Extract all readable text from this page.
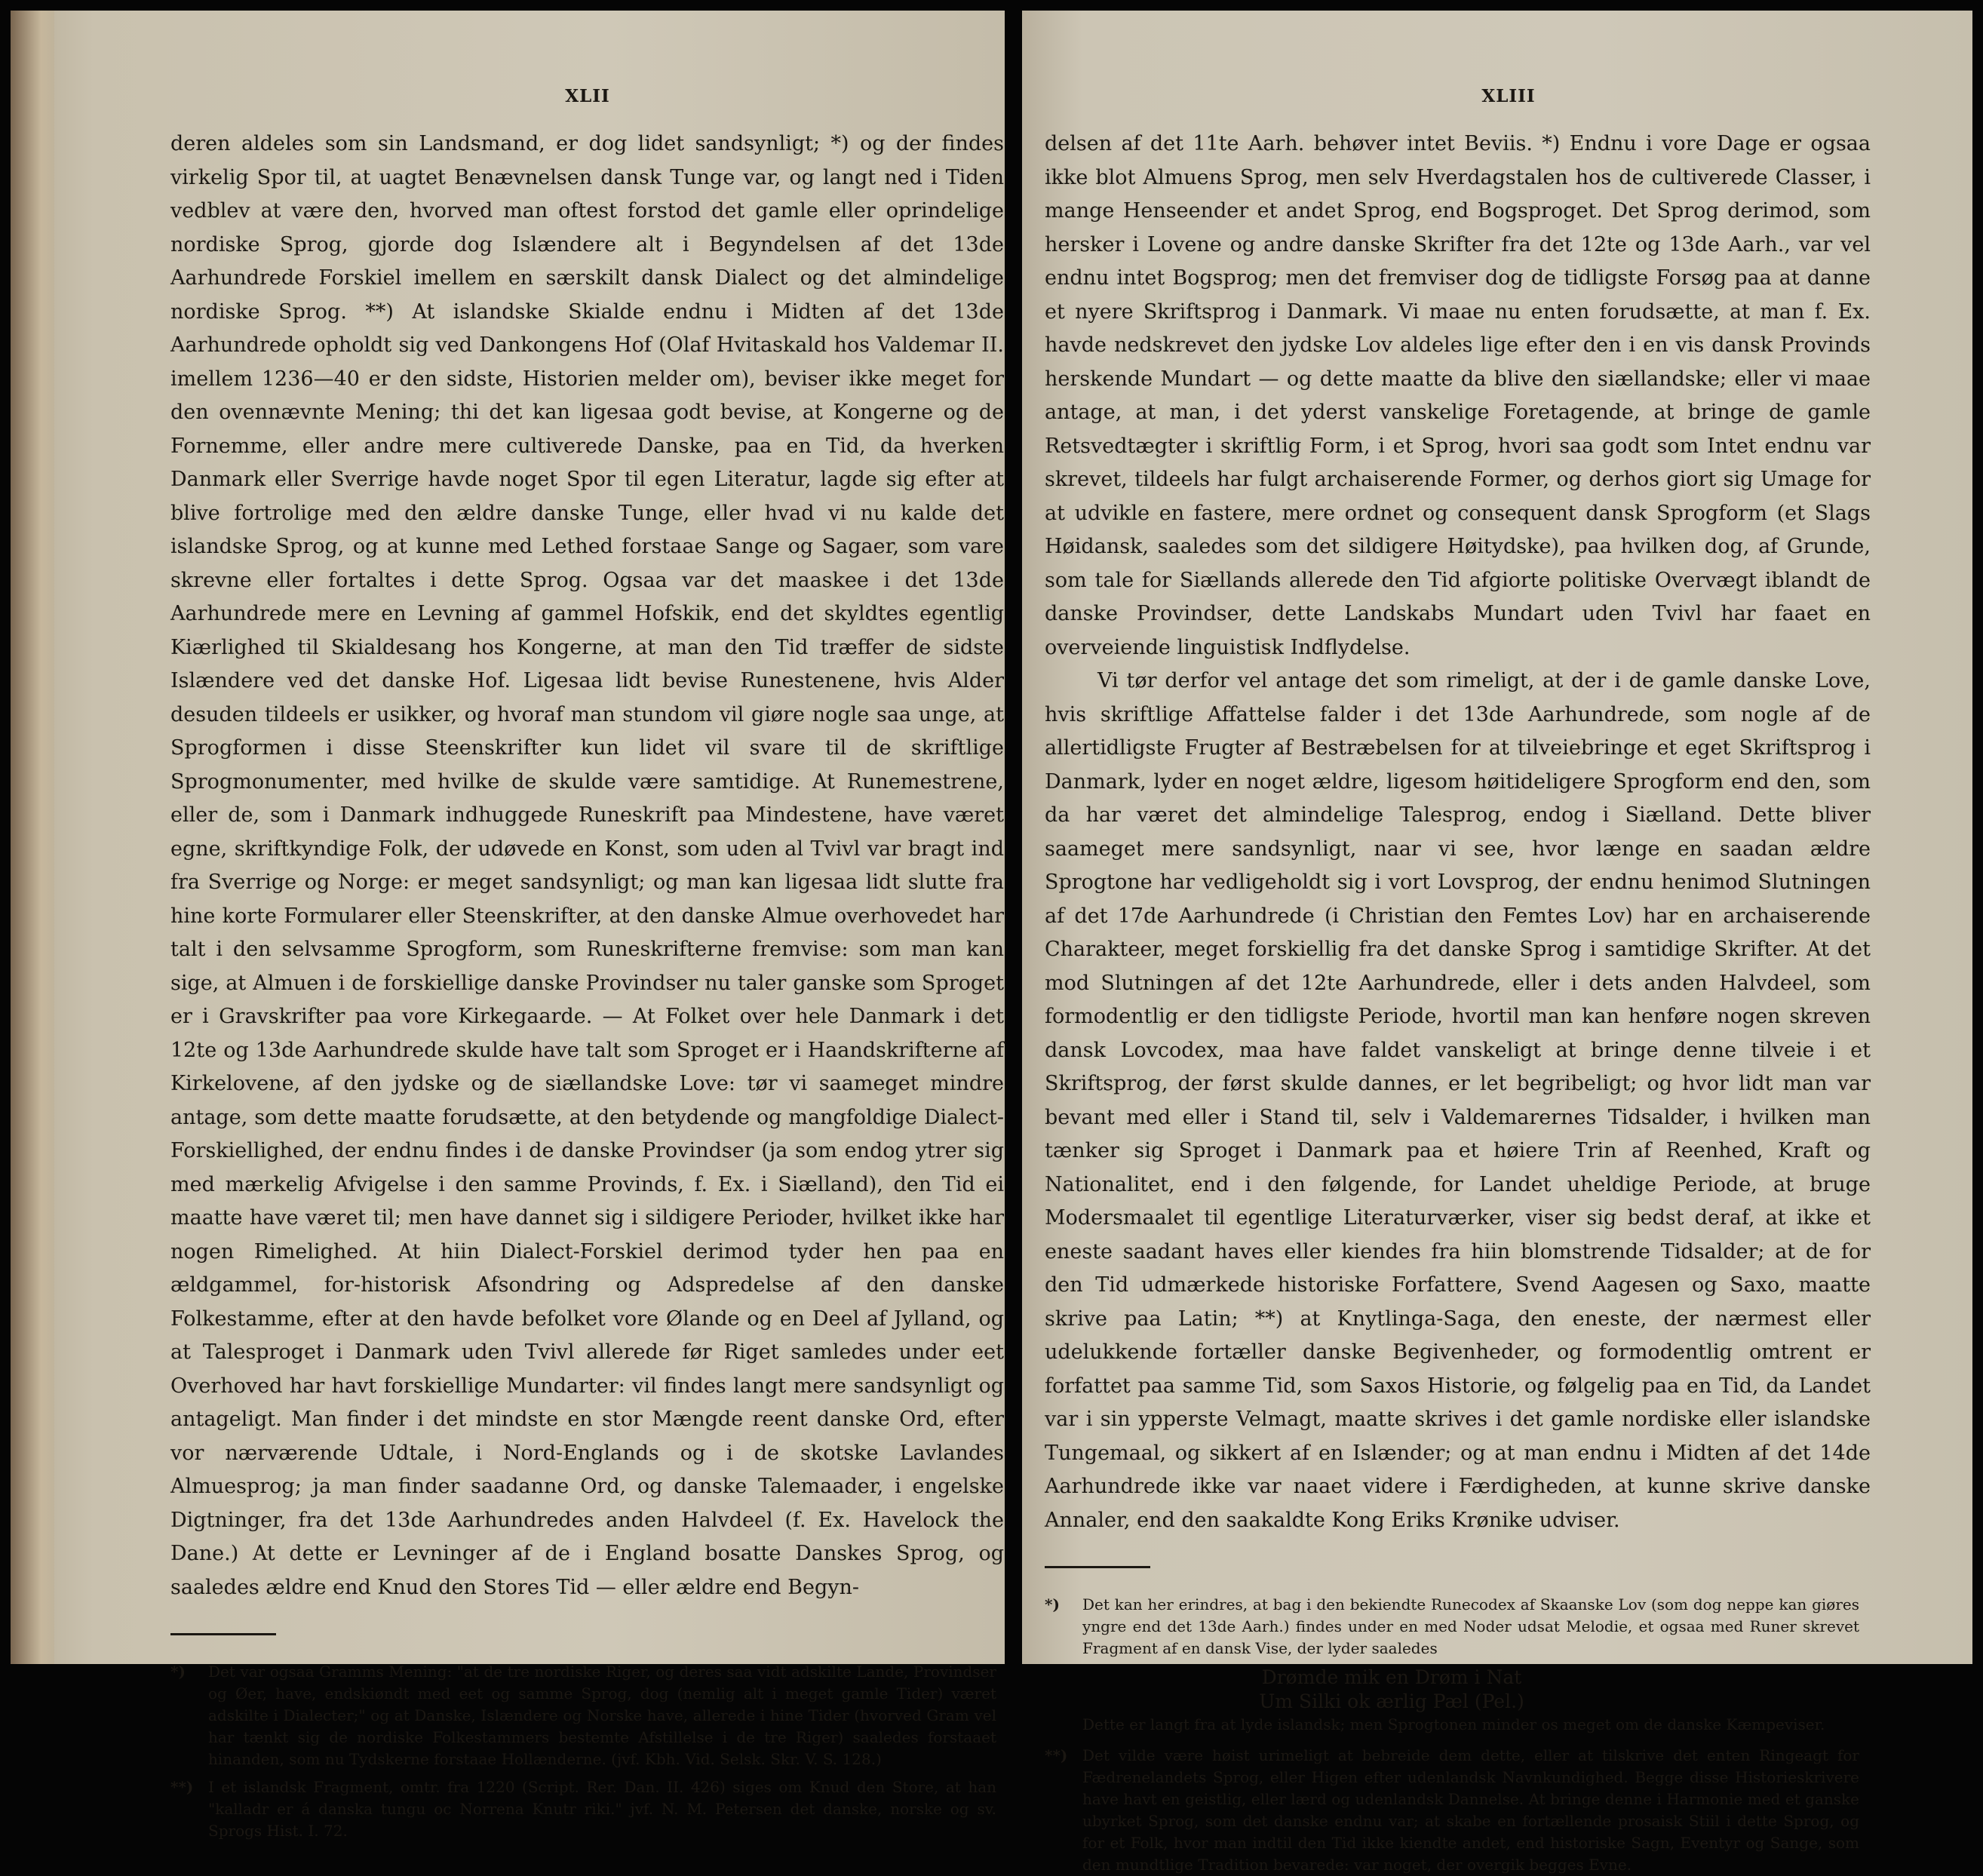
XLII

deren aldeles som sin Landsmand, er dog lidet sandsynligt; *) og der findes virkelig Spor til, at uagtet Benævnelsen dansk Tunge var, og langt ned i Tiden vedblev at være den, hvorved man oftest forstod det gamle eller oprindelige nordiske Sprog, gjorde dog Islændere alt i Begyndelsen af det 13de Aarhundrede Forskiel imellem en særskilt dansk Dialect og det almindelige nordiske Sprog. **) At islandske Skialde endnu i Midten af det 13de Aarhundrede opholdt sig ved Dankongens Hof (Olaf Hvitaskald hos Valdemar II. imellem 1236—40 er den sidste, Historien melder om), beviser ikke meget for den ovennævnte Mening; thi det kan ligesaa godt bevise, at Kongerne og de Fornemme, eller andre mere cultiverede Danske, paa en Tid, da hverken Danmark eller Sverrige havde noget Spor til egen Literatur, lagde sig efter at blive fortrolige med den ældre danske Tunge, eller hvad vi nu kalde det islandske Sprog, og at kunne med Lethed forstaae Sange og Sagaer, som vare skrevne eller fortaltes i dette Sprog. Ogsaa var det maaskee i det 13de Aarhundrede mere en Levning af gammel Hofskik, end det skyldtes egentlig Kiærlighed til Skialdesang hos Kongerne, at man den Tid træffer de sidste Islændere ved det danske Hof. Ligesaa lidt bevise Runestenene, hvis Alder desuden tildeels er usikker, og hvoraf man stundom vil giøre nogle saa unge, at Sprogformen i disse Steenskrifter kun lidet vil svare til de skriftlige Sprogmonumenter, med hvilke de skulde være samtidige. At Runemestrene, eller de, som i Danmark indhuggede Runeskrift paa Mindestene, have været egne, skriftkyndige Folk, der udøvede en Konst, som uden al Tvivl var bragt ind fra Sverrige og Norge: er meget sandsynligt; og man kan ligesaa lidt slutte fra hine korte Formularer eller Steenskrifter, at den danske Almue overhovedet har talt i den selvsamme Sprogform, som Runeskrifterne fremvise: som man kan sige, at Almuen i de forskiellige danske Provindser nu taler ganske som Sproget er i Gravskrifter paa vore Kirkegaarde. — At Folket over hele Danmark i det 12te og 13de Aarhundrede skulde have talt som Sproget er i Haandskrifterne af Kirkelovene, af den jydske og de siællandske Love: tør vi saameget mindre antage, som dette maatte forudsætte, at den betydende og mangfoldige Dialect-Forskiellighed, der endnu findes i de danske Provindser (ja som endog ytrer sig med mærkelig Afvigelse i den samme Provinds, f. Ex. i Siælland), den Tid ei maatte have været til; men have dannet sig i sildigere Perioder, hvilket ikke har nogen Rimelighed. At hiin Dialect-Forskiel derimod tyder hen paa en ældgammel, for-historisk Afsondring og Adspredelse af den danske Folkestamme, efter at den havde befolket vore Ølande og en Deel af Jylland, og at Talesproget i Danmark uden Tvivl allerede før Riget samledes under eet Overhoved har havt forskiellige Mundarter: vil findes langt mere sandsynligt og antageligt. Man finder i det mindste en stor Mængde reent danske Ord, efter vor nærværende Udtale, i Nord-Englands og i de skotske Lavlandes Almuesprog; ja man finder saadanne Ord, og danske Talemaader, i engelske Digtninger, fra det 13de Aarhundredes anden Halvdeel (f. Ex. Havelock the Dane.) At dette er Levninger af de i England bosatte Danskes Sprog, og saaledes ældre end Knud den Stores Tid — eller ældre end Begyn-

*) Det var ogsaa Gramms Mening: "at de tre nordiske Riger, og deres saa vidt adskilte Lande, Provindser og Øer, have, endskiøndt med eet og samme Sprog, dog (nemlig alt i meget gamle Tider) været adskilte i Dialecter;" og at Danske, Islændere og Norske have, allerede i hine Tider (hvorved Gram vel har tænkt sig de nordiske Folkestammers bestemte Afstillelse i de tre Riger) saaledes forstaaet hinanden, som nu Tydskerne forstaae Hollænderne. (jvf. Kbh. Vid. Selsk. Skr. V. S. 128.)
**) I et islandsk Fragment, omtr. fra 1220 (Script. Rer. Dan. II. 426) siges om Knud den Store, at han "kalladr er á danska tungu oc Norrena Knutr riki." jvf. N. M. Petersen det danske, norske og sv. Sprogs Hist. I. 72.
XLIII

delsen af det 11te Aarh. behøver intet Beviis. *) Endnu i vore Dage er ogsaa ikke blot Almuens Sprog, men selv Hverdagstalen hos de cultiverede Classer, i mange Henseender et andet Sprog, end Bogsproget. Det Sprog derimod, som hersker i Lovene og andre danske Skrifter fra det 12te og 13de Aarh., var vel endnu intet Bogsprog; men det fremviser dog de tidligste Forsøg paa at danne et nyere Skriftsprog i Danmark. Vi maae nu enten forudsætte, at man f. Ex. havde nedskrevet den jydske Lov aldeles lige efter den i en vis dansk Provinds herskende Mundart — og dette maatte da blive den siællandske; eller vi maae antage, at man, i det yderst vanskelige Foretagende, at bringe de gamle Retsvedtægter i skriftlig Form, i et Sprog, hvori saa godt som Intet endnu var skrevet, tildeels har fulgt archaiserende Former, og derhos giort sig Umage for at udvikle en fastere, mere ordnet og consequent dansk Sprogform (et Slags Høidansk, saaledes som det sildigere Høitydske), paa hvilken dog, af Grunde, som tale for Siællands allerede den Tid afgiorte politiske Overvægt iblandt de danske Provindser, dette Landskabs Mundart uden Tvivl har faaet en overveiende linguistisk Indflydelse.

Vi tør derfor vel antage det som rimeligt, at der i de gamle danske Love, hvis skriftlige Affattelse falder i det 13de Aarhundrede, som nogle af de allertidligste Frugter af Bestræbelsen for at tilveiebringe et eget Skriftsprog i Danmark, lyder en noget ældre, ligesom høitideligere Sprogform end den, som da har været det almindelige Talesprog, endog i Siælland. Dette bliver saameget mere sandsynligt, naar vi see, hvor længe en saadan ældre Sprogtone har vedligeholdt sig i vort Lovsprog, der endnu henimod Slutningen af det 17de Aarhundrede (i Christian den Femtes Lov) har en archaiserende Charakteer, meget forskiellig fra det danske Sprog i samtidige Skrifter. At det mod Slutningen af det 12te Aarhundrede, eller i dets anden Halvdeel, som formodentlig er den tidligste Periode, hvortil man kan henføre nogen skreven dansk Lovcodex, maa have faldet vanskeligt at bringe denne tilveie i et Skriftsprog, der først skulde dannes, er let begribeligt; og hvor lidt man var bevant med eller i Stand til, selv i Valdemarernes Tidsalder, i hvilken man tænker sig Sproget i Danmark paa et høiere Trin af Reenhed, Kraft og Nationalitet, end i den følgende, for Landet uheldige Periode, at bruge Modersmaalet til egentlige Literaturværker, viser sig bedst deraf, at ikke et eneste saadant haves eller kiendes fra hiin blomstrende Tidsalder; at de for den Tid udmærkede historiske Forfattere, Svend Aagesen og Saxo, maatte skrive paa Latin; **) at Knytlinga-Saga, den eneste, der nærmest eller udelukkende fortæller danske Begivenheder, og formodentlig omtrent er forfattet paa samme Tid, som Saxos Historie, og følgelig paa en Tid, da Landet var i sin ypperste Velmagt, maatte skrives i det gamle nordiske eller islandske Tungemaal, og sikkert af en Islænder; og at man endnu i Midten af det 14de Aarhundrede ikke var naaet videre i Færdigheden, at kunne skrive danske Annaler, end den saakaldte Kong Eriks Krønike udviser.

*) Det kan her erindres, at bag i den bekiendte Runecodex af Skaanske Lov (som dog neppe kan giøres yngre end det 13de Aarh.) findes under en med Noder udsat Melodie, et ogsaa med Runer skrevet Fragment af en dansk Vise, der lyder saaledes
Drømde mik en Drøm i Nat
Um Silki ok ærlig Pæl (Pel.)
Dette er langt fra at lyde islandsk; men Sprogtonen minder os meget om de danske Kæmpeviser.
**) Det vilde være høist urimeligt at bebreide dem dette, eller at tilskrive det enten Ringeagt for Fædrenelandets Sprog, eller Higen efter udenlandsk Navnkundighed. Begge disse Historieskrivere have havt en geistlig, eller lærd og udenlandsk Dannelse. At bringe denne i Harmonie med et ganske ubyrket Sprog, som det danske endnu var; at skabe en fortællende prosaisk Stiil i dette Sprog, og for et Folk, hvor man indtil den Tid ikke kiendte andet, end historiske Sagn, Eventyr og Sange, som den mundtlige Tradition bevarede: var noget, der overgik begges Evne.
